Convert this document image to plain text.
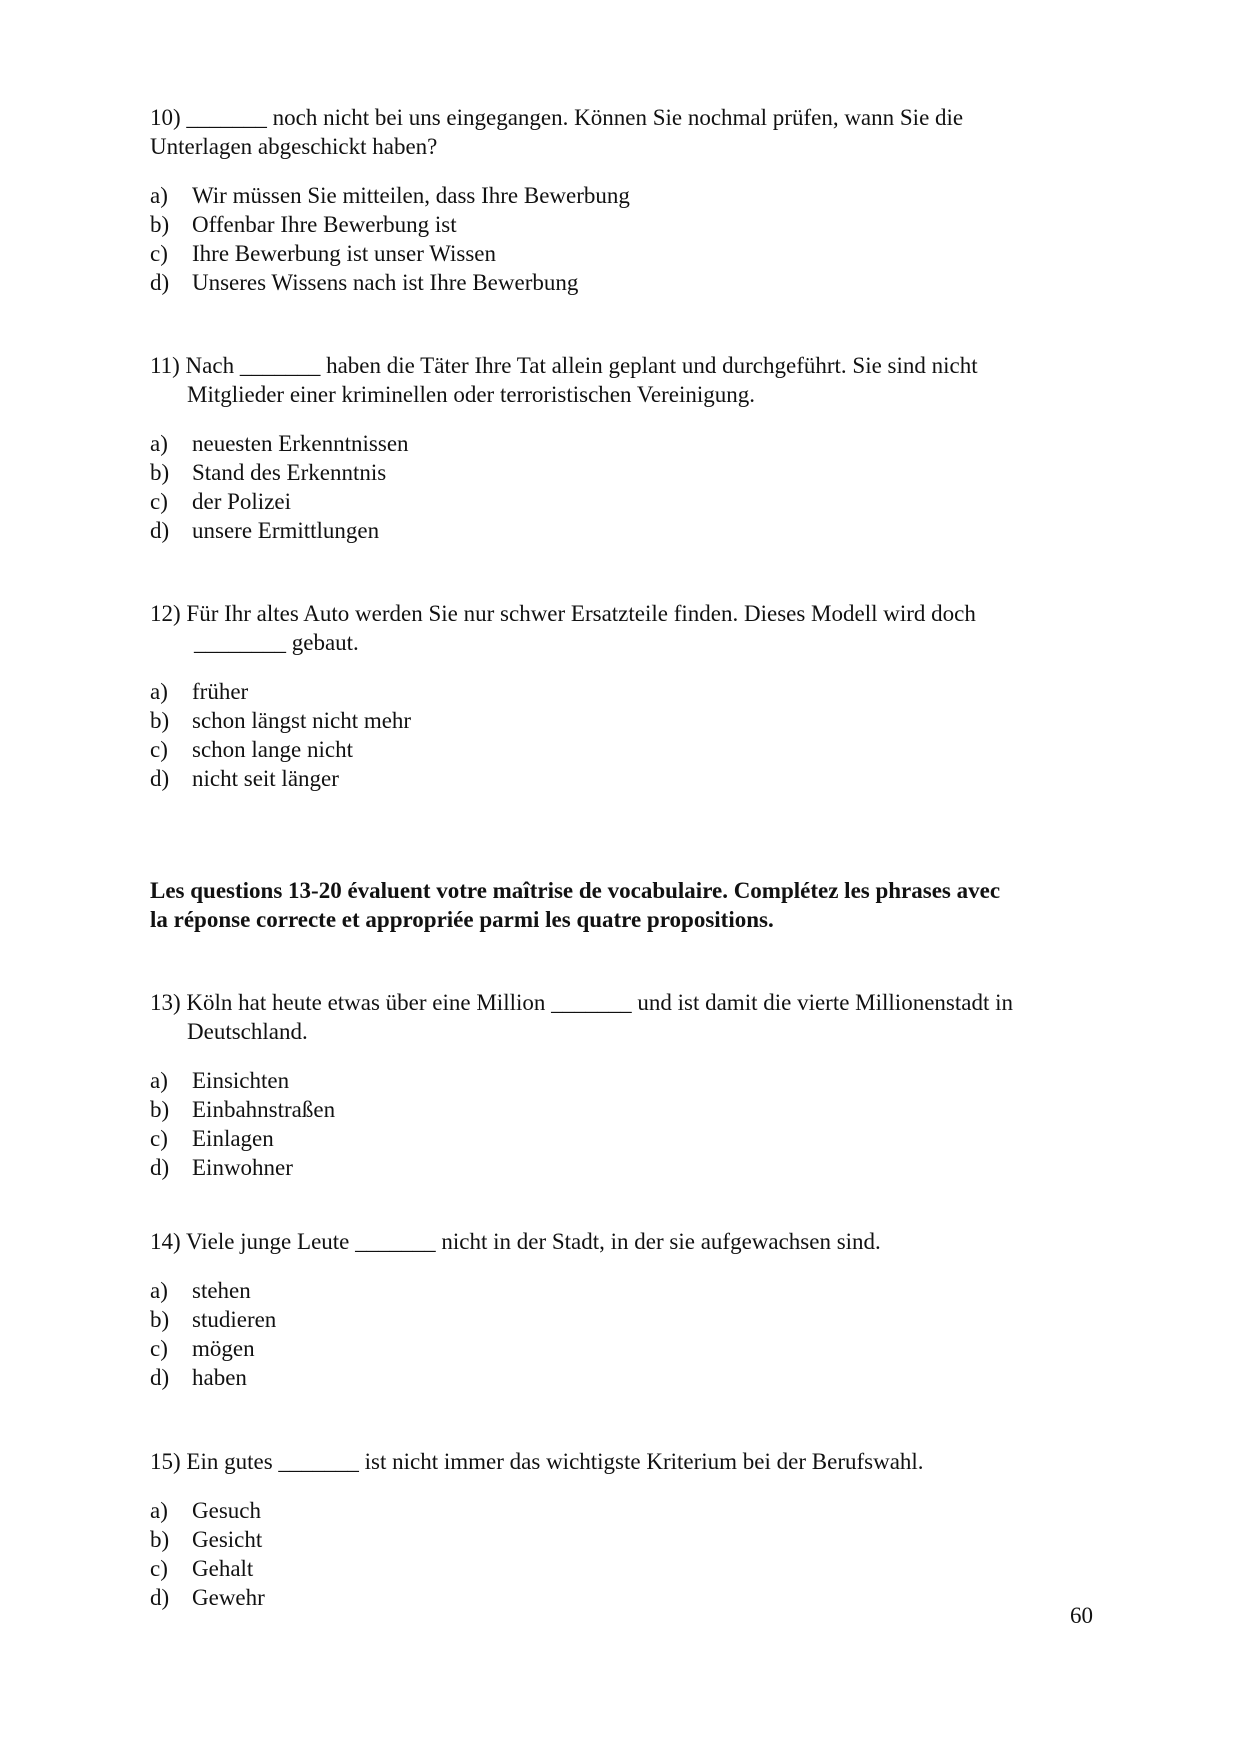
10) _______ noch nicht bei uns eingegangen. Können Sie nochmal prüfen, wann Sie die
Unterlagen abgeschickt haben?
a) Wir müssen Sie mitteilen, dass Ihre Bewerbung
b) Offenbar Ihre Bewerbung ist
c) Ihre Bewerbung ist unser Wissen
d) Unseres Wissens nach ist Ihre Bewerbung
11) Nach _______ haben die Täter Ihre Tat allein geplant und durchgeführt. Sie sind nicht
Mitglieder einer kriminellen oder terroristischen Vereinigung.
a) neuesten Erkenntnissen
b) Stand des Erkenntnis
c) der Polizei
d) unsere Ermittlungen
12) Für Ihr altes Auto werden Sie nur schwer Ersatzteile finden. Dieses Modell wird doch
________ gebaut.
a) früher
b) schon längst nicht mehr
c) schon lange nicht
d) nicht seit länger
Les questions 13-20 évaluent votre maîtrise de vocabulaire. Complétez les phrases avec
la réponse correcte et appropriée parmi les quatre propositions.
13) Köln hat heute etwas über eine Million _______ und ist damit die vierte Millionenstadt in
Deutschland.
a) Einsichten
b) Einbahnstraßen
c) Einlagen
d) Einwohner
14) Viele junge Leute _______ nicht in der Stadt, in der sie aufgewachsen sind.
a) stehen
b) studieren
c) mögen
d) haben
15) Ein gutes _______ ist nicht immer das wichtigste Kriterium bei der Berufswahl.
a) Gesuch
b) Gesicht
c) Gehalt
d) Gewehr
60
